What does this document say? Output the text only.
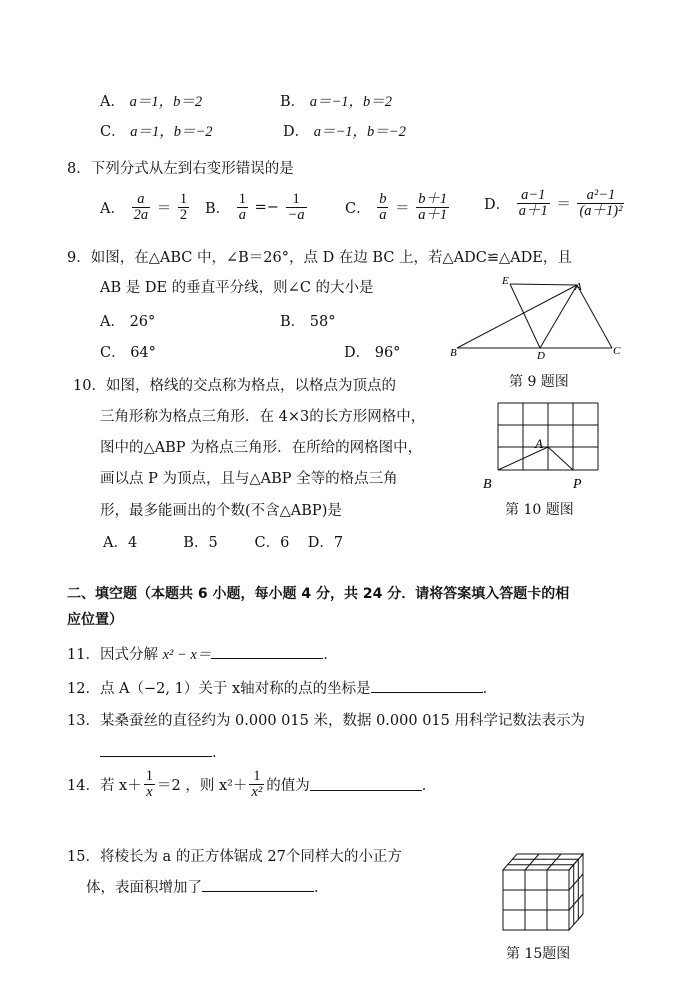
A． a＝1，b＝2	B． a＝−1，b＝2
C． a＝1，b＝−2	D． a＝−1，b＝−2
8．下列分式从左到右变形错误的是
A． $\frac{a}{2a} = \frac{1}{2}$ B． $\frac{1}{a} =- \frac{1}{-a}$	C． $\frac{b}{a} = \frac{b+1}{a+1}$ D． $\frac{a-1}{a+1} = \frac{\text{a²−1}}{\text{(a＋1)²}}$
9．如图，在△ABC 中，∠B＝26°，点 D 在边 BC 上，若△ADC≌△ADE，且
AB 是 DE 的垂直平分线，则∠C 的大小是
A． 26°	B． 58°
C． 64°	D． 96°
E	A
B	D	C
第 9 题图
10．如图，格线的交点称为格点，以格点为顶点的
三角形称为格点三角形．在 4×3的长方形网格中，
图中的△ABP 为格点三角形．在所给的网格图中，
画以点 P 为顶点，且与△ABP 全等的格点三角
形，最多能画出的个数(不含△ABP)是
A．4          B．5        C．6    D．7
A
B	P
第 10 题图
二、填空题（本题共 6 小题，每小题 4 分，共 24 分．请将答案填入答题卡的相
应位置）
11．因式分解 x² − x＝	．
12．点 A（−2, 1）关于 x轴对称的点的坐标是	．
13．某桑蚕丝的直径约为 0.000 015 米，数据 0.000 015 用科学记数法表示为
．
14．若 $x+ \frac{1}{x} =2$ ，则 $x^2+ \frac{1}{\text{x²}}$ 的值为	．
15．将棱长为 a 的正方体锯成 27个同样大的小正方
体，表面积增加了	．
第 15题图
